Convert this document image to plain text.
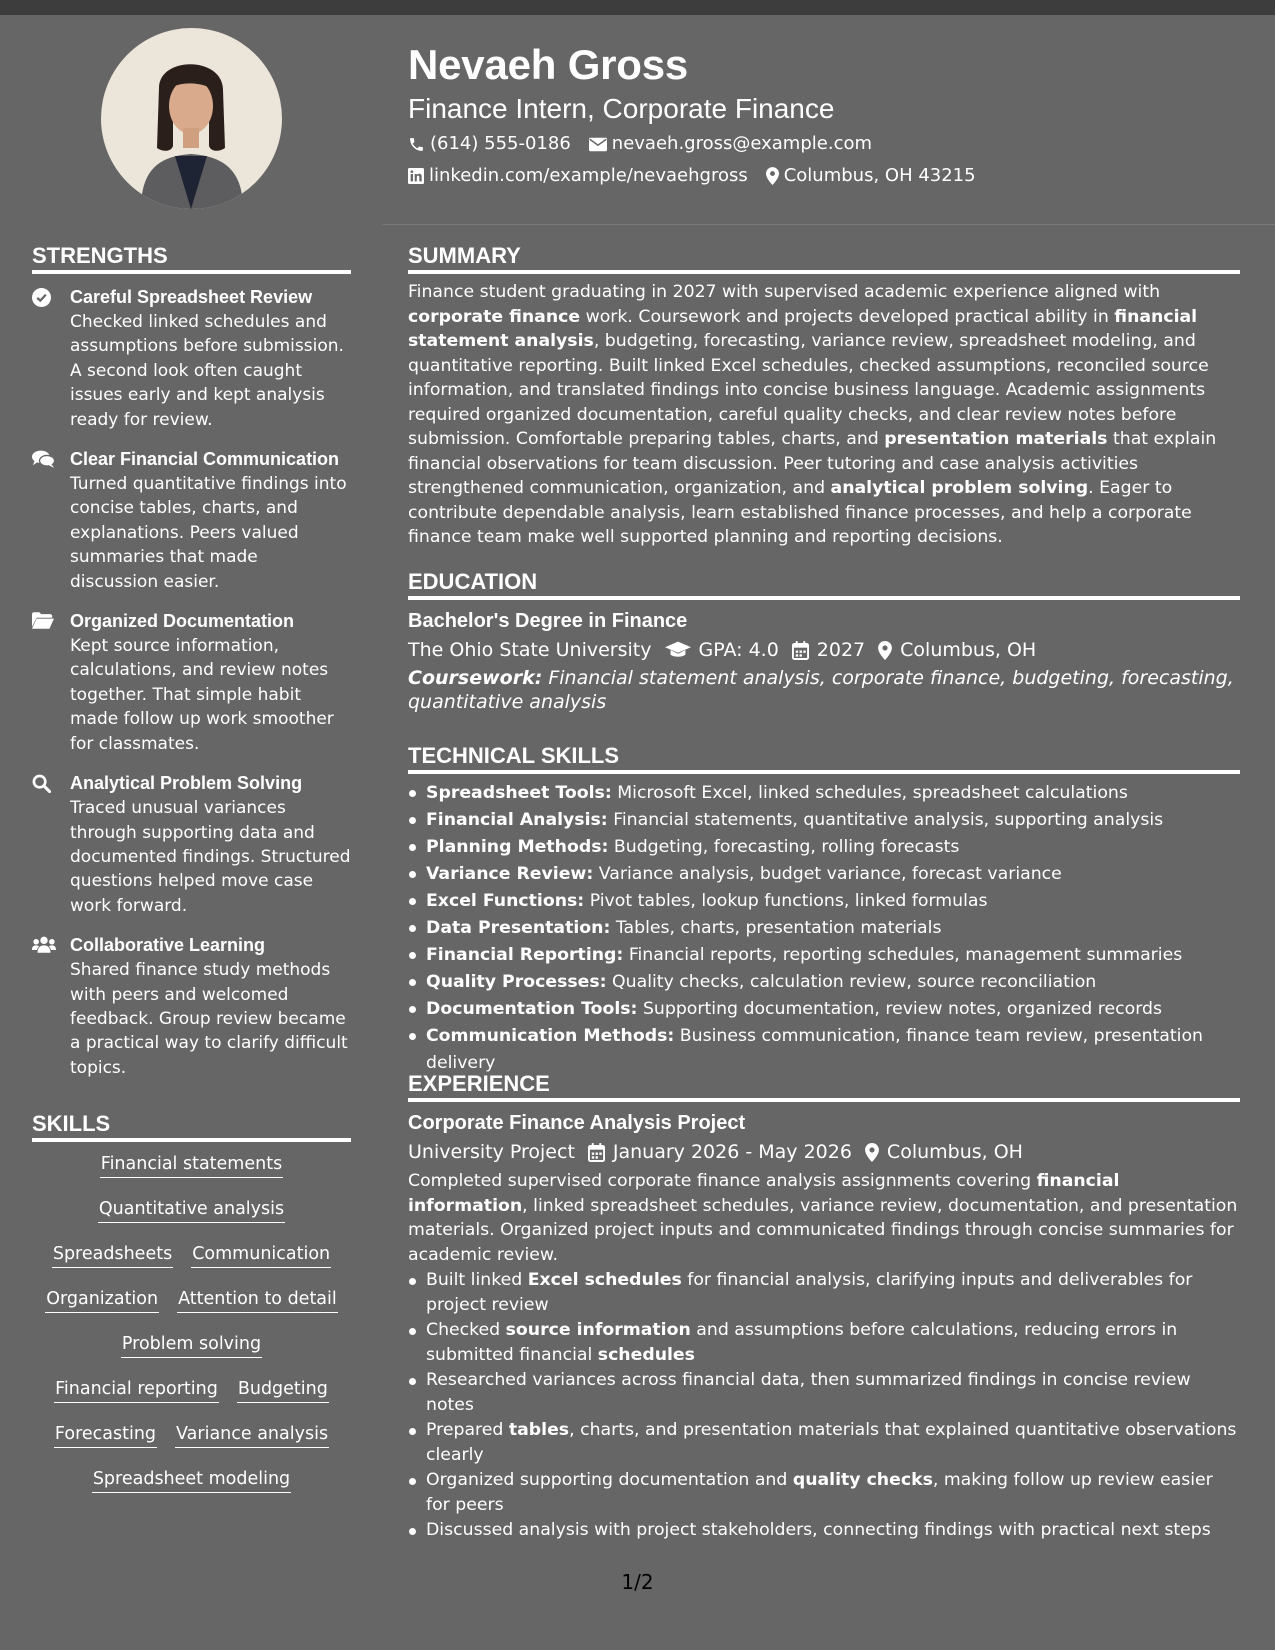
Nevaeh Gross
Finance Intern, Corporate Finance
(614) 555-0186 nevaeh.gross@example.com
linkedin.com/example/nevaehgross Columbus, OH 43215
STRENGTHS
Careful Spreadsheet Review
Checked linked schedules and assumptions before submission. A second look often caught issues early and kept analysis ready for review.
Clear Financial Communication
Turned quantitative findings into concise tables, charts, and explanations. Peers valued summaries that made discussion easier.
Organized Documentation
Kept source information, calculations, and review notes together. That simple habit made follow up work smoother for classmates.
Analytical Problem Solving
Traced unusual variances through supporting data and documented findings. Structured questions helped move case work forward.
Collaborative Learning
Shared finance study methods with peers and welcomed feedback. Group review became a practical way to clarify difficult topics.
SKILLS
Financial statements
Quantitative analysis
Spreadsheets Communication
Organization Attention to detail
Problem solving
Financial reporting Budgeting
Forecasting Variance analysis
Spreadsheet modeling
SUMMARY

Finance student graduating in 2027 with supervised academic experience aligned with corporate finance work. Coursework and projects developed practical ability in financial statement analysis, budgeting, forecasting, variance review, spreadsheet modeling, and quantitative reporting. Built linked Excel schedules, checked assumptions, reconciled source information, and translated findings into concise business language. Academic assignments required organized documentation, careful quality checks, and clear review notes before submission. Comfortable preparing tables, charts, and presentation materials that explain financial observations for team discussion. Peer tutoring and case analysis activities strengthened communication, organization, and analytical problem solving. Eager to contribute dependable analysis, learn established finance processes, and help a corporate finance team make well supported planning and reporting decisions.

EDUCATION
Bachelor's Degree in Finance
The Ohio State University GPA: 4.0 2027 Columbus, OH

Coursework: Financial statement analysis, corporate finance, budgeting, forecasting, quantitative analysis

TECHNICAL SKILLS
Spreadsheet Tools: Microsoft Excel, linked schedules, spreadsheet calculations
Financial Analysis: Financial statements, quantitative analysis, supporting analysis
Planning Methods: Budgeting, forecasting, rolling forecasts
Variance Review: Variance analysis, budget variance, forecast variance
Excel Functions: Pivot tables, lookup functions, linked formulas
Data Presentation: Tables, charts, presentation materials
Financial Reporting: Financial reports, reporting schedules, management summaries
Quality Processes: Quality checks, calculation review, source reconciliation
Documentation Tools: Supporting documentation, review notes, organized records
Communication Methods: Business communication, finance team review, presentation delivery
EXPERIENCE
Corporate Finance Analysis Project
University Project January 2026 - May 2026 Columbus, OH

Completed supervised corporate finance analysis assignments covering financial information, linked spreadsheet schedules, variance review, documentation, and presentation materials. Organized project inputs and communicated findings through concise summaries for academic review.

Built linked Excel schedules for financial analysis, clarifying inputs and deliverables for project review
Checked source information and assumptions before calculations, reducing errors in submitted financial schedules
Researched variances across financial data, then summarized findings in concise review notes
Prepared tables, charts, and presentation materials that explained quantitative observations clearly
Organized supporting documentation and quality checks, making follow up review easier for peers
Discussed analysis with project stakeholders, connecting findings with practical next steps
1/2
